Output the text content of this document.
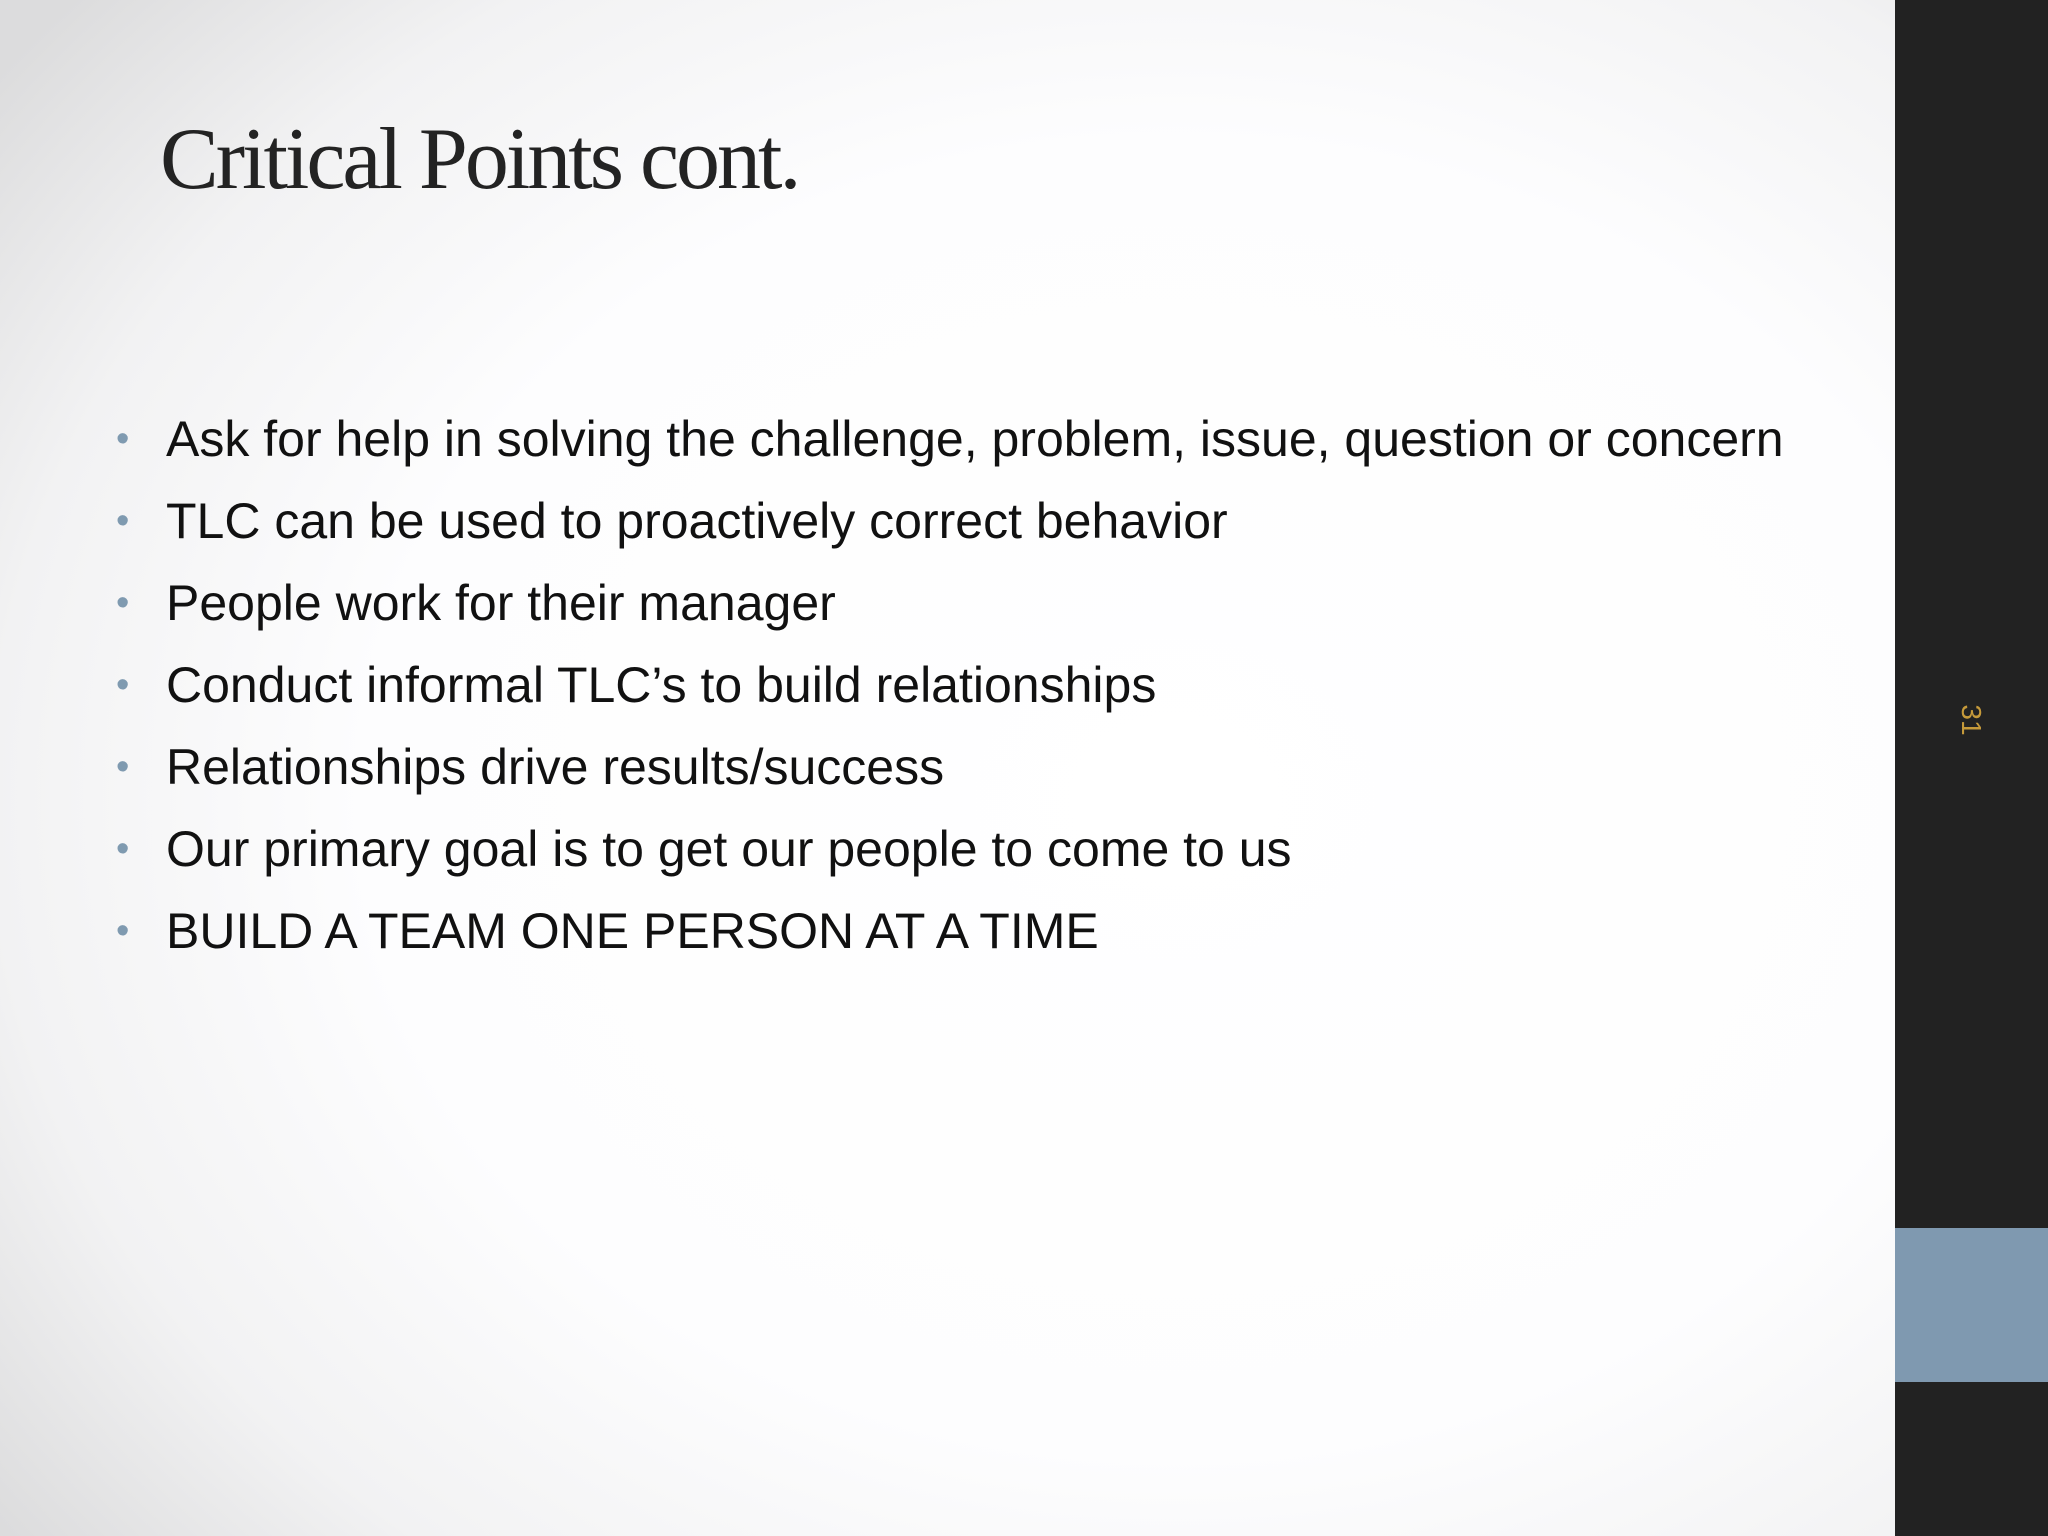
Critical Points cont.
• Ask for help in solving the challenge, problem, issue, question or concern
• TLC can be used to proactively correct behavior
• People work for their manager
• Conduct informal TLC’s to build relationships
• Relationships drive results/success
• Our primary goal is to get our people to come to us
• BUILD A TEAM ONE PERSON AT A TIME
31
